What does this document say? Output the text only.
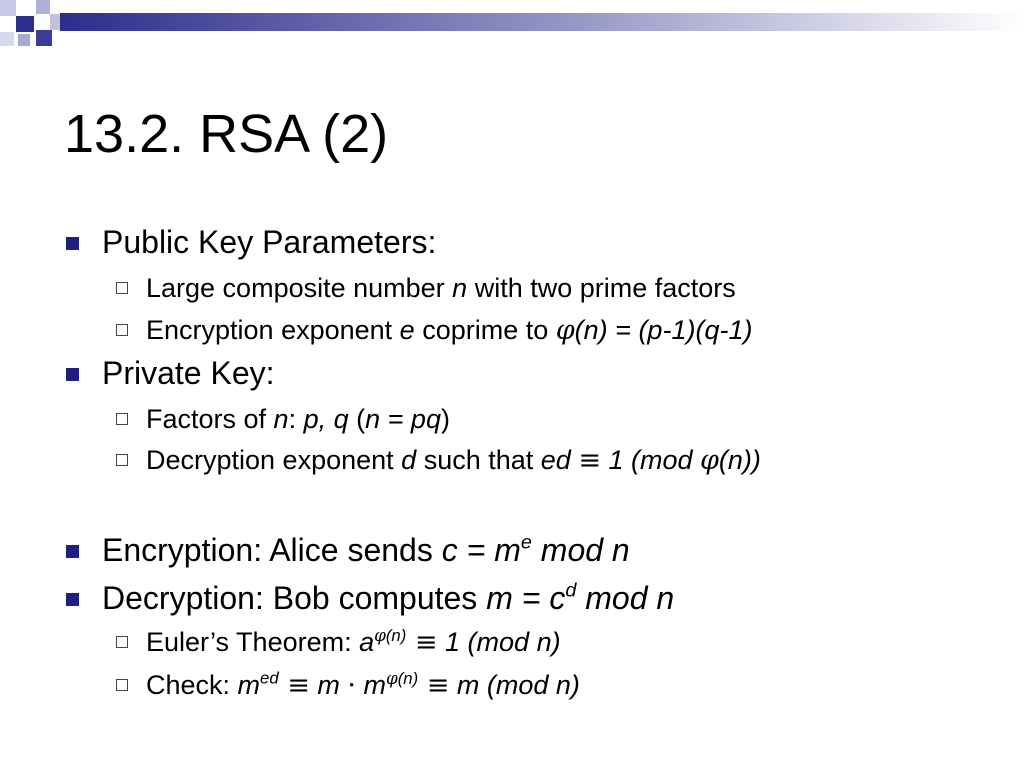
13.2. RSA (2)
Public Key Parameters:
Large composite number n with two prime factors
Encryption exponent e coprime to φ(n) = (p-1)(q-1)
Private Key:
Factors of n: p, q (n = pq)
Decryption exponent d such that ed ≡ 1 (mod φ(n))
Encryption: Alice sends $c = m^e$ mod n
Decryption: Bob computes $m = c^d$ mod n
Euler’s Theorem: $a^{\varphi(n)} \equiv 1$ (mod n)
Check: $m^{ed} \equiv m \cdot m^{\varphi(n)} \equiv m$ (mod n)
